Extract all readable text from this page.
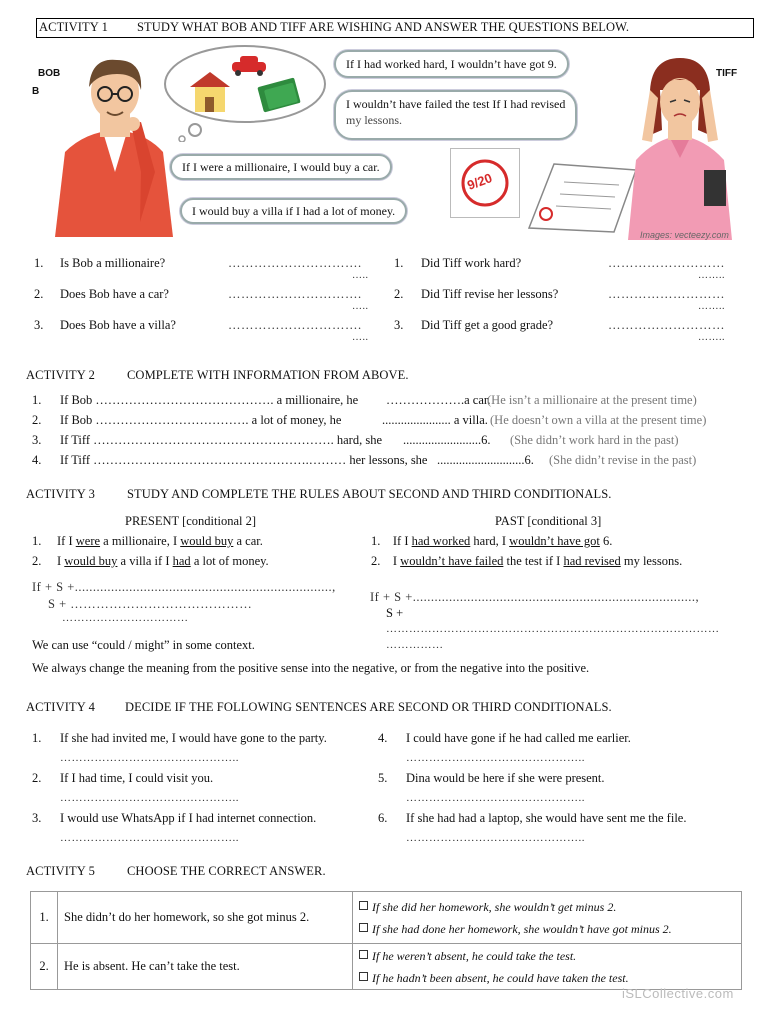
ACTIVITY 1 STUDY WHAT BOB AND TIFF ARE WISHING AND ANSWER THE QUESTIONS BELOW.
BOB
B
If I were a millionaire, I would buy a car.
I would buy a villa if I had a lot of money.
If I had worked hard, I wouldn’t have got 9.
I wouldn’t have failed the test If I had revised
my lessons.
9/20
TIFF
Images: vecteezy.com
1. Is Bob a millionaire?	………………………….
…..
2. Does Bob have a car?	………………………….
…..
3. Does Bob have a villa?	………………………….
…..
1. Did Tiff work hard?	………………………
……..
2. Did Tiff revise her lessons?	………………………
……..
3. Did Tiff get a good grade?	………………………
……..
ACTIVITY 2	COMPLETE WITH INFORMATION FROM ABOVE.
1. If Bob ……………………………………. a millionaire, he ……………….a car.
(He isn’t a millionaire at the present time)
2. If Bob ………………………………. a lot of money, he	...................... a villa. (He doesn’t own a villa at the present time)
3. If Tiff …………………………………………………. hard, she .........................6. (She didn’t work hard in the past)
4. If Tiff …………………………………………….……… her lessons, she ............................6. (She didn’t revise in the past)
ACTIVITY 3	STUDY AND COMPLETE THE RULES ABOUT SECOND AND THIRD CONDITIONALS.
PRESENT [conditional 2]	PAST [conditional 3]
1. If I were a millionaire, I would buy a car.
2. I would buy a villa if I had a lot of money.
1. If I had worked hard, I wouldn’t have got 6.
2. I wouldn’t have failed the test if I had revised my lessons.
If + S +.......................................................................,
S + ……………………………………
……………………………
If + S +..............................................................................,
S +
……………………………………………………………………………
……………
We can use “could / might” in some context.
We always change the meaning from the positive sense into the negative, or from the negative into the positive.
ACTIVITY 4 DECIDE IF THE FOLLOWING SENTENCES ARE SECOND OR THIRD CONDITIONALS.
1. If she had invited me, I would have gone to the party.
………………………………………..
4. I could have gone if he had called me earlier.
………………………………………..
2. If I had time, I could visit you.
………………………………………..
5. Dina would be here if she were present.
………………………………………..
3. I would use WhatsApp if I had internet connection.
………………………………………..
6. If she had had a laptop, she would have sent me the file.
………………………………………..
ACTIVITY 5	CHOOSE THE CORRECT ANSWER.
1.	She didn’t do her homework, so she got minus 2.	If she did her homework, she wouldn’t get minus 2.
If she had done her homework, she wouldn’t have got minus 2.

2.	He is absent. He can’t take the test.	If he weren’t absent, he could take the test.
If he hadn’t been absent, he could have taken the test.
iSLCollective.com
